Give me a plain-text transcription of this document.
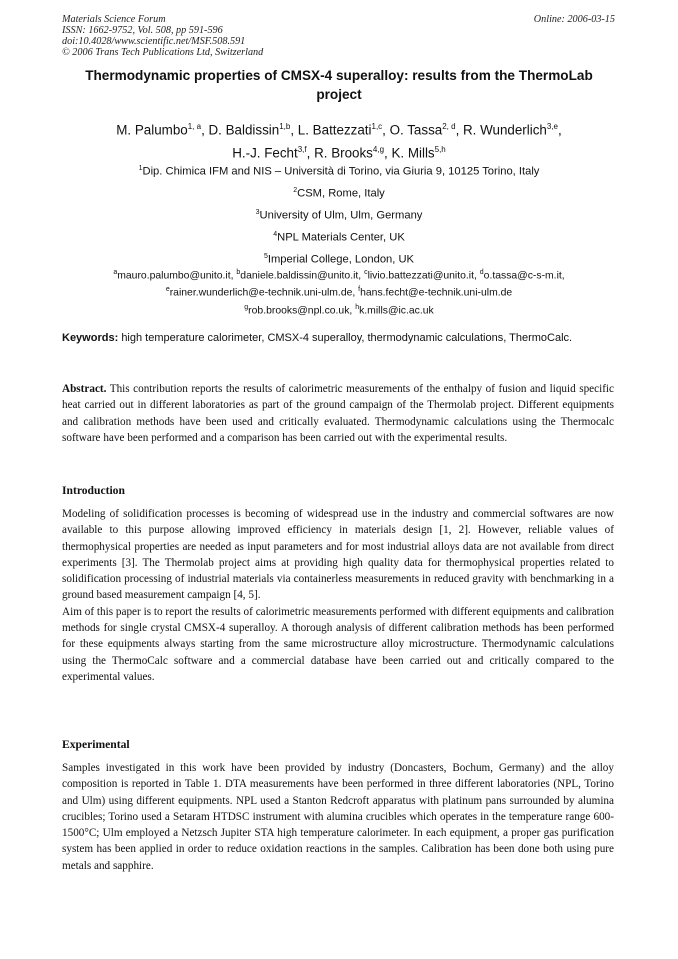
Materials Science Forum
ISSN: 1662-9752, Vol. 508, pp 591-596
doi:10.4028/www.scientific.net/MSF.508.591
© 2006 Trans Tech Publications Ltd, Switzerland
Online: 2006-03-15
Thermodynamic properties of CMSX-4 superalloy: results from the ThermoLab project
M. Palumbo$^{1, a}$, D. Baldissin$^{1,b}$, L. Battezzati$^{1,c}$, O. Tassa$^{2, d}$, R. Wunderlich$^{3,e}$,
H.-J. Fecht$^{3,f}$, R. Brooks$^{4,g}$, K. Mills$^{5,h}$
$^1$Dip. Chimica IFM and NIS – Università di Torino, via Giuria 9, 10125 Torino, Italy
$^2$CSM, Rome, Italy
$^3$University of Ulm, Ulm, Germany
$^4$NPL Materials Center, UK
$^5$Imperial College, London, UK
$^a$mauro.palumbo@unito.it, $^b$daniele.baldissin@unito.it, $^c$livio.battezzati@unito.it, $^d$o.tassa@c-s-m.it,
$^e$rainer.wunderlich@e-technik.uni-ulm.de, $^f$hans.fecht@e-technik.uni-ulm.de
$^g$rob.brooks@npl.co.uk, $^h$k.mills@ic.ac.uk
Keywords: high temperature calorimeter, CMSX-4 superalloy, thermodynamic calculations, ThermoCalc.
Abstract. This contribution reports the results of calorimetric measurements of the enthalpy of fusion and liquid specific heat carried out in different laboratories as part of the ground campaign of the Thermolab project. Different equipments and calibration methods have been used and critically evaluated. Thermodynamic calculations using the Thermocalc software have been performed and a comparison has been carried out with the experimental results.
Introduction

Modeling of solidification processes is becoming of widespread use in the industry and commercial softwares are now available to this purpose allowing improved efficiency in materials design [1, 2]. However, reliable values of thermophysical properties are needed as input parameters and for most industrial alloys data are not available from direct experiments [3]. The Thermolab project aims at providing high quality data for thermophysical properties related to solidification processing of industrial materials via containerless measurements in reduced gravity with benchmarking in a ground based measurement campaign [4, 5].

Aim of this paper is to report the results of calorimetric measurements performed with different equipments and calibration methods for single crystal CMSX-4 superalloy. A thorough analysis of different calibration methods has been performed for these equipments always starting from the same microstructure alloy microstructure. Thermodynamic calculations using the ThermoCalc software and a commercial database have been carried out and critically compared to the experimental values.

Experimental

Samples investigated in this work have been provided by industry (Doncasters, Bochum, Germany) and the alloy composition is reported in Table 1. DTA measurements have been performed in three different laboratories (NPL, Torino and Ulm) using different equipments. NPL used a Stanton Redcroft apparatus with platinum pans surrounded by alumina crucibles; Torino used a Setaram HTDSC instrument with alumina crucibles which operates in the temperature range 600-1500°C; Ulm employed a Netzsch Jupiter STA high temperature calorimeter. In each equipment, a proper gas purification system has been applied in order to reduce oxidation reactions in the samples. Calibration has been done both using pure metals and sapphire.
